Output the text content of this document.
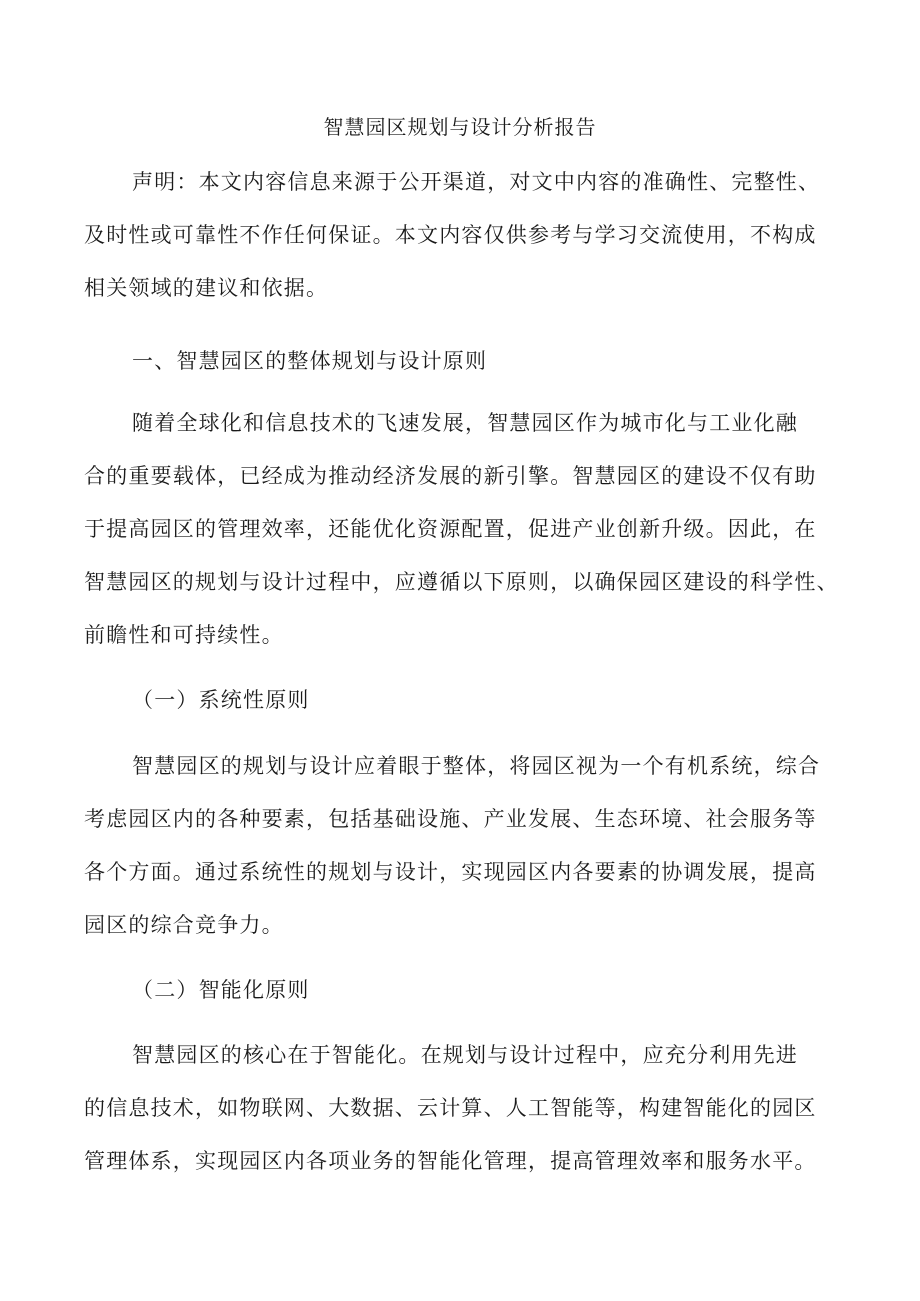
智慧园区规划与设计分析报告
声明：本文内容信息来源于公开渠道，对文中内容的准确性、完整性、
及时性或可靠性不作任何保证。本文内容仅供参考与学习交流使用，不构成
相关领域的建议和依据。
一、智慧园区的整体规划与设计原则
随着全球化和信息技术的飞速发展，智慧园区作为城市化与工业化融
合的重要载体，已经成为推动经济发展的新引擎。智慧园区的建设不仅有助
于提高园区的管理效率，还能优化资源配置，促进产业创新升级。因此，在
智慧园区的规划与设计过程中，应遵循以下原则，以确保园区建设的科学性、
前瞻性和可持续性。
（一）系统性原则
智慧园区的规划与设计应着眼于整体，将园区视为一个有机系统，综合
考虑园区内的各种要素，包括基础设施、产业发展、生态环境、社会服务等
各个方面。通过系统性的规划与设计，实现园区内各要素的协调发展，提高
园区的综合竞争力。
（二）智能化原则
智慧园区的核心在于智能化。在规划与设计过程中，应充分利用先进
的信息技术，如物联网、大数据、云计算、人工智能等，构建智能化的园区
管理体系，实现园区内各项业务的智能化管理，提高管理效率和服务水平。
